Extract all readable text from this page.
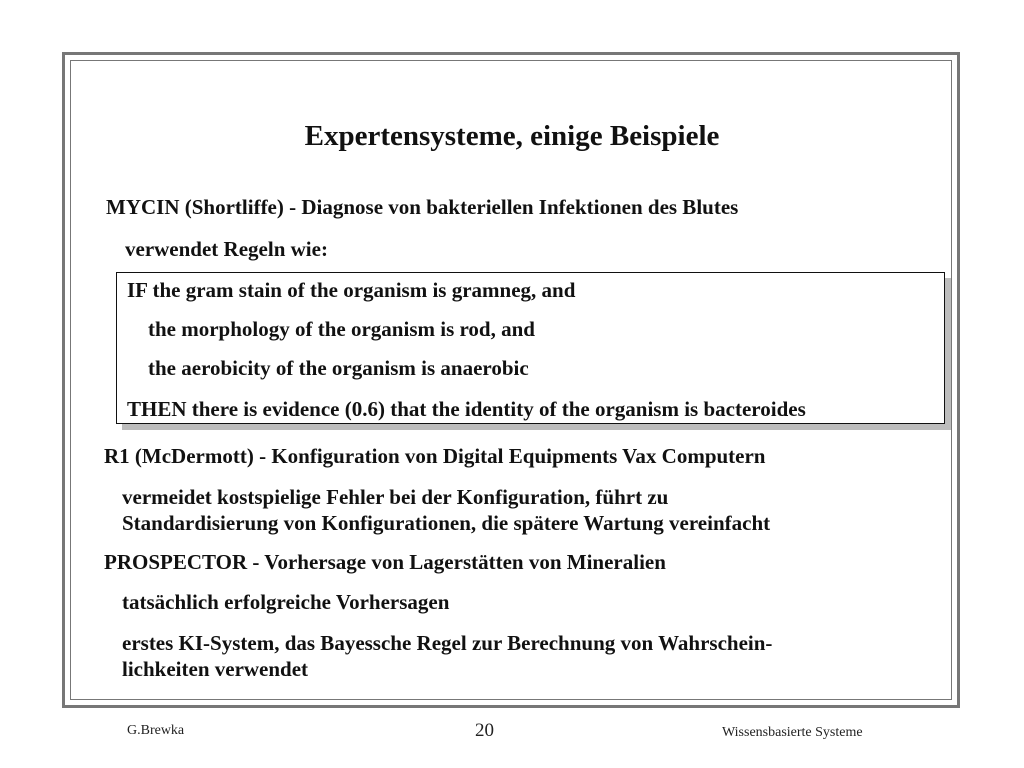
Expertensysteme, einige Beispiele
MYCIN (Shortliffe) - Diagnose von bakteriellen Infektionen des Blutes
verwendet Regeln wie:
IF the gram stain of the organism is gramneg, and
the morphology of the organism is rod, and
the aerobicity of the organism is anaerobic
THEN there is evidence (0.6) that the identity of the organism is bacteroides
R1 (McDermott) - Konfiguration von Digital Equipments Vax Computern
vermeidet kostspielige Fehler bei der Konfiguration, führt zu
Standardisierung von Konfigurationen, die spätere Wartung vereinfacht
PROSPECTOR - Vorhersage von Lagerstätten von Mineralien
tatsächlich erfolgreiche Vorhersagen
erstes KI-System, das Bayessche Regel zur Berechnung von Wahrschein-
lichkeiten verwendet
G.Brewka	20	Wissensbasierte Systeme
